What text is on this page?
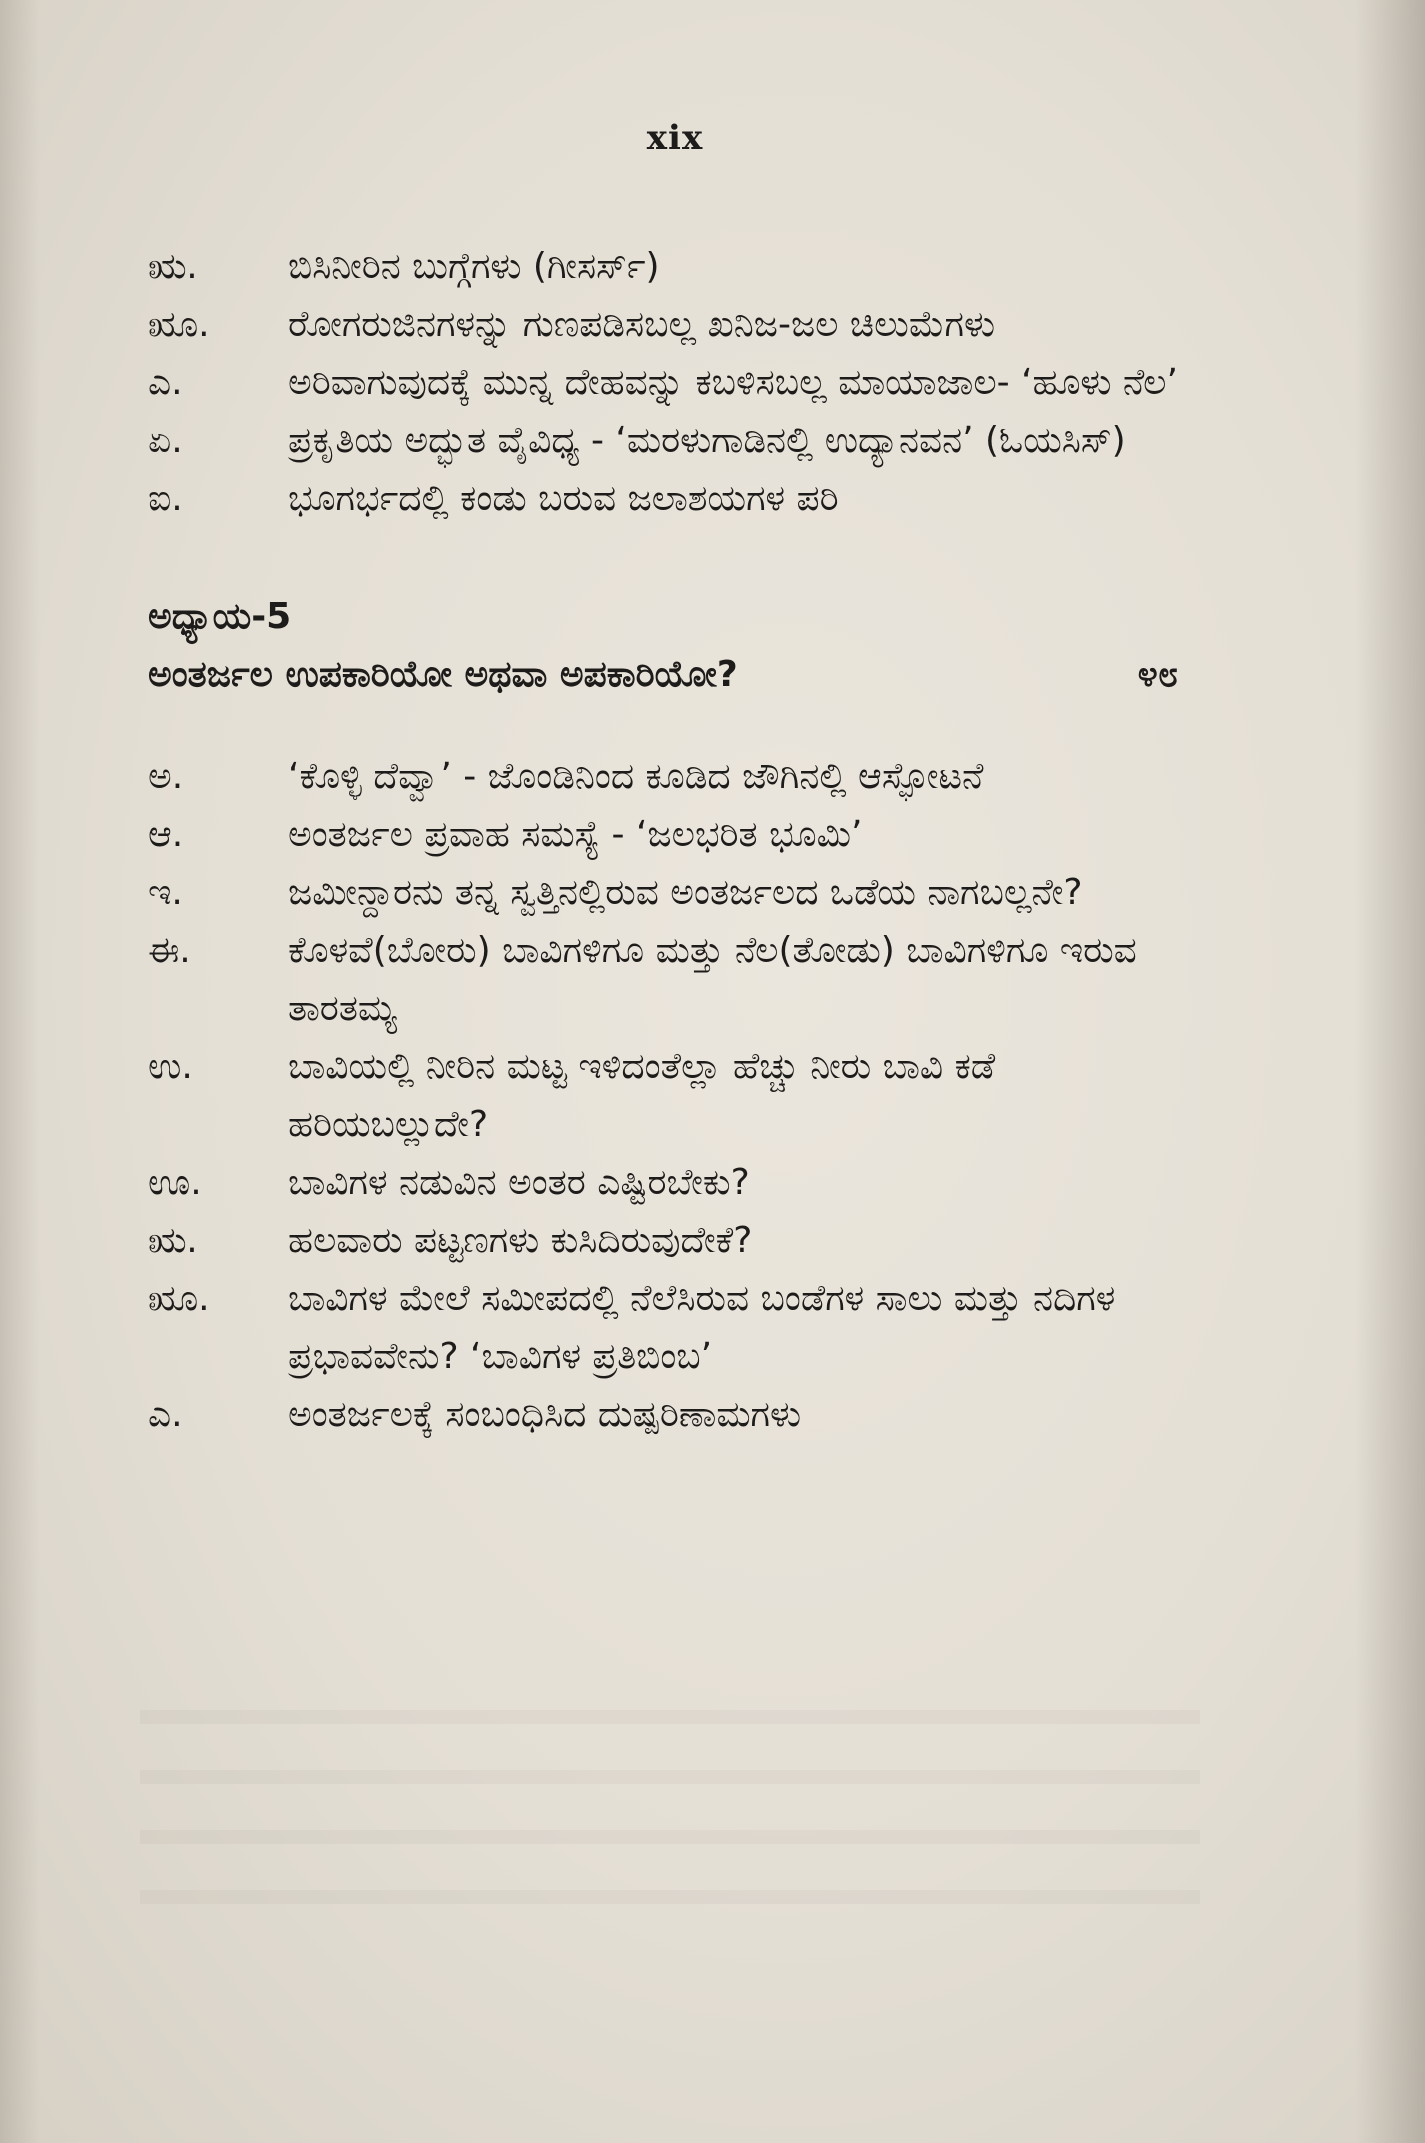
xix
ಋ.	ಬಿಸಿನೀರಿನ ಬುಗ್ಗೆಗಳು (ಗೀಸರ್ಸ್)
ೠ.	ರೋಗರುಜಿನಗಳನ್ನು ಗುಣಪಡಿಸಬಲ್ಲ ಖನಿಜ-ಜಲ ಚಿಲುಮೆಗಳು
ಎ.	ಅರಿವಾಗುವುದಕ್ಕೆ ಮುನ್ನ ದೇಹವನ್ನು ಕಬಳಿಸಬಲ್ಲ ಮಾಯಾಜಾಲ- ‘ಹೂಳು ನೆಲ’
ಏ.	ಪ್ರಕೃತಿಯ ಅದ್ಭುತ ವೈವಿಧ್ಯ - ‘ಮರಳುಗಾಡಿನಲ್ಲಿ ಉದ್ಯಾನವನ’ (ಓಯಸಿಸ್)
ಐ.	ಭೂಗರ್ಭದಲ್ಲಿ ಕಂಡು ಬರುವ ಜಲಾಶಯಗಳ ಪರಿ
ಅಧ್ಯಾಯ-5
ಅಂತರ್ಜಲ ಉಪಕಾರಿಯೋ ಅಥವಾ ಅಪಕಾರಿಯೋ?	೪೮
ಅ.	‘ಕೊಳ್ಳಿ ದೆವ್ವಾ’ - ಜೊಂಡಿನಿಂದ ಕೂಡಿದ ಜೌಗಿನಲ್ಲಿ ಆಸ್ಫೋಟನೆ
ಆ.	ಅಂತರ್ಜಲ ಪ್ರವಾಹ ಸಮಸ್ಯೆ - ‘ಜಲಭರಿತ ಭೂಮಿ’
ಇ.	ಜಮೀನ್ದಾರನು ತನ್ನ ಸ್ವತ್ತಿನಲ್ಲಿರುವ ಅಂತರ್ಜಲದ ಒಡೆಯ ನಾಗಬಲ್ಲನೇ?
ಈ.	ಕೊಳವೆ(ಬೋರು) ಬಾವಿಗಳಿಗೂ ಮತ್ತು ನೆಲ(ತೋಡು) ಬಾವಿಗಳಿಗೂ ಇರುವ ತಾರತಮ್ಯ
ಉ.	ಬಾವಿಯಲ್ಲಿ ನೀರಿನ ಮಟ್ಟ ಇಳಿದಂತೆಲ್ಲಾ ಹೆಚ್ಚು ನೀರು ಬಾವಿ ಕಡೆ ಹರಿಯಬಲ್ಲುದೇ?
ಊ.	ಬಾವಿಗಳ ನಡುವಿನ ಅಂತರ ಎಷ್ಟಿರಬೇಕು?
ಋ.	ಹಲವಾರು ಪಟ್ಟಣಗಳು ಕುಸಿದಿರುವುದೇಕೆ?
ೠ.	ಬಾವಿಗಳ ಮೇಲೆ ಸಮೀಪದಲ್ಲಿ ನೆಲೆಸಿರುವ ಬಂಡೆಗಳ ಸಾಲು ಮತ್ತು ನದಿಗಳ ಪ್ರಭಾವವೇನು? ‘ಬಾವಿಗಳ ಪ್ರತಿಬಿಂಬ’
ಎ.	ಅಂತರ್ಜಲಕ್ಕೆ ಸಂಬಂಧಿಸಿದ ದುಷ್ಪರಿಣಾಮಗಳು
